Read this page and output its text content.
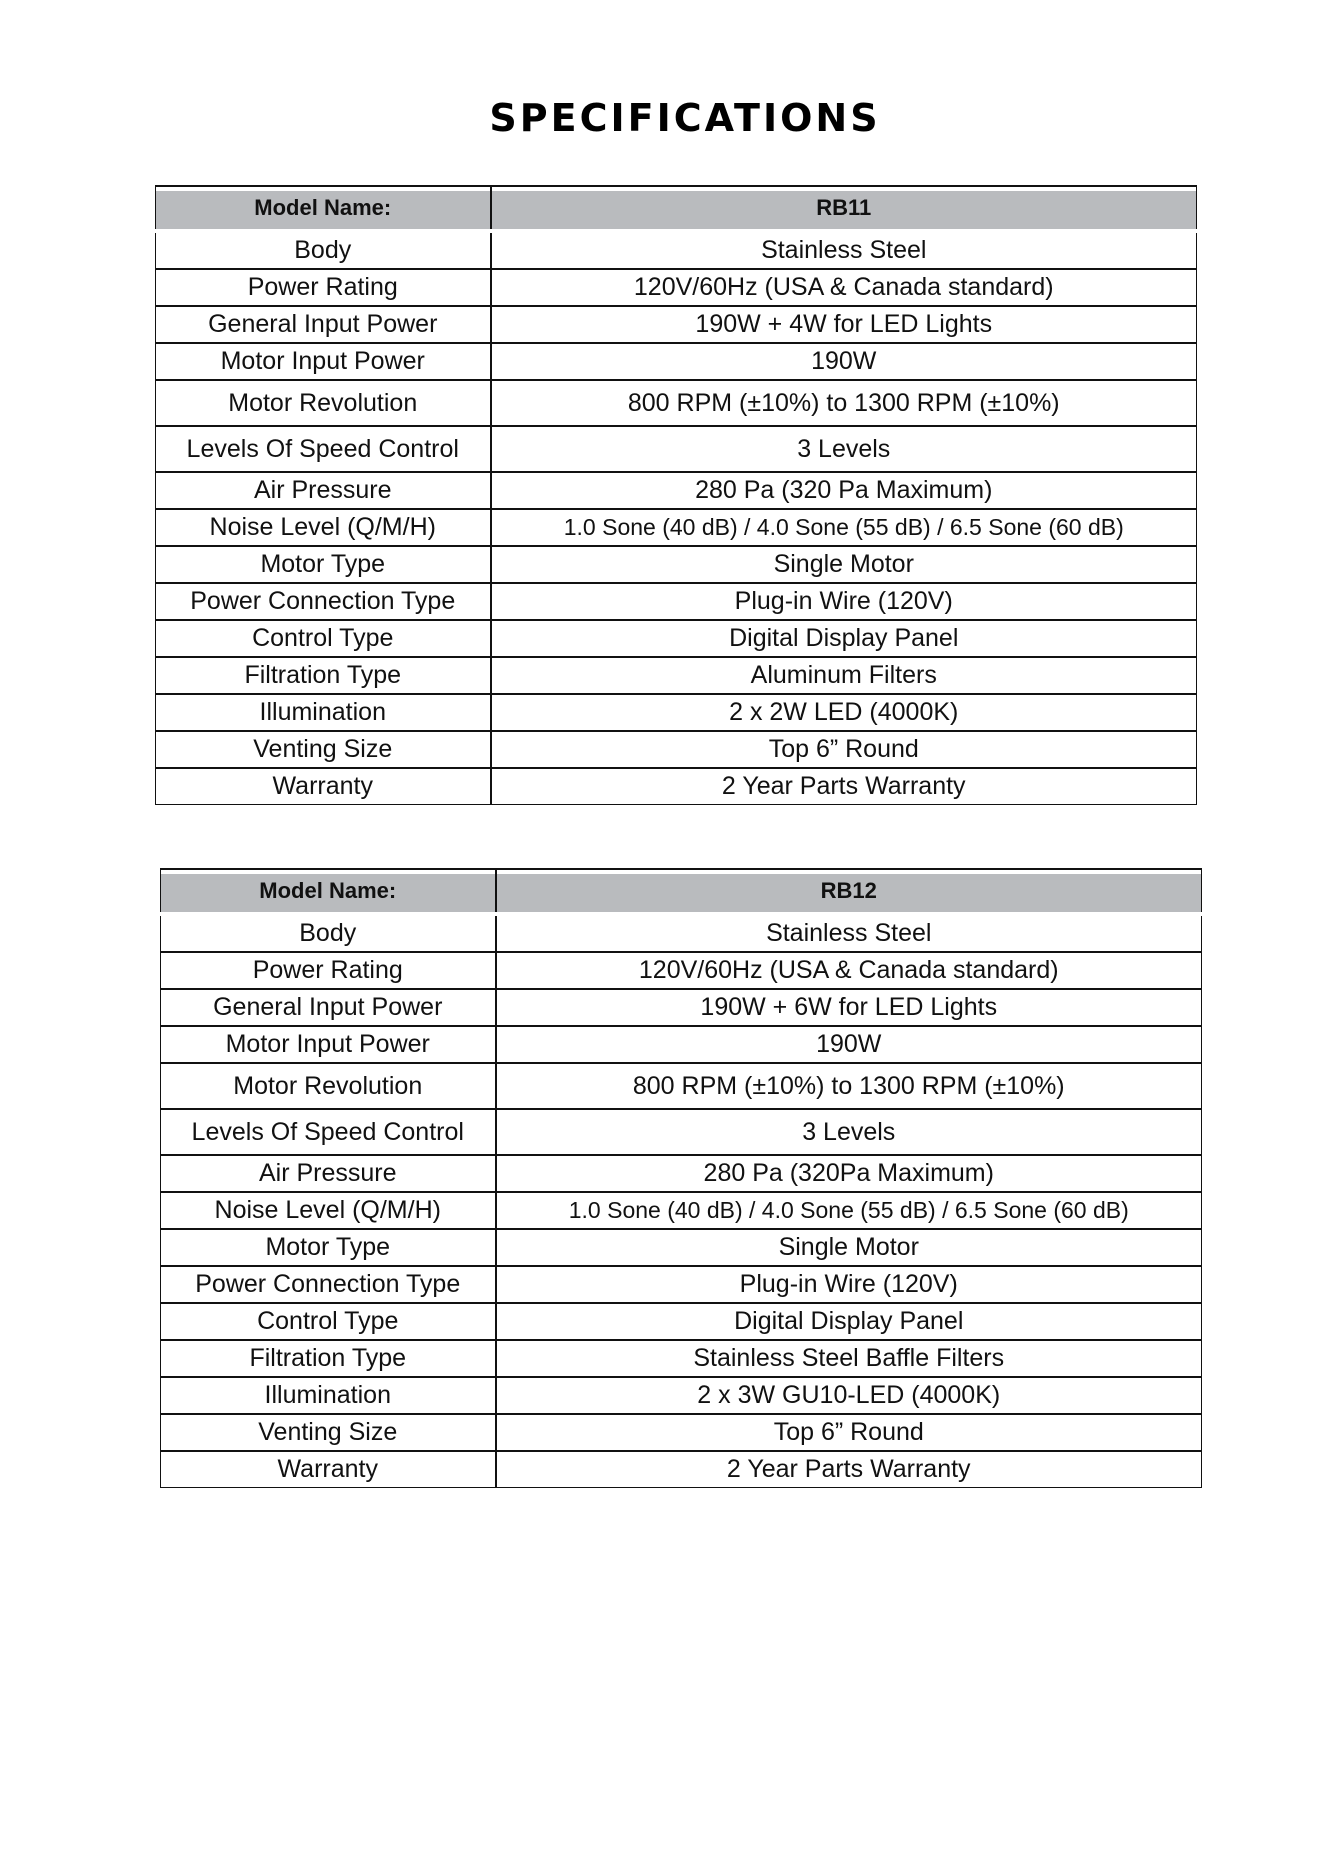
SPECIFICATIONS
Model Name:	RB11
Body	Stainless Steel
Power Rating	120V/60Hz (USA & Canada standard)
General Input Power	190W + 4W for LED Lights
Motor Input Power	190W
Motor Revolution	800 RPM (±10%) to 1300 RPM (±10%)
Levels Of Speed Control	3 Levels
Air Pressure	280 Pa (320 Pa Maximum)
Noise Level (Q/M/H)	1.0 Sone (40 dB) / 4.0 Sone (55 dB) / 6.5 Sone (60 dB)
Motor Type	Single Motor
Power Connection Type	Plug-in Wire (120V)
Control Type	Digital Display Panel
Filtration Type	Aluminum Filters
Illumination	2 x 2W LED (4000K)
Venting Size	Top 6” Round
Warranty	2 Year Parts Warranty
Model Name:	RB12
Body	Stainless Steel
Power Rating	120V/60Hz (USA & Canada standard)
General Input Power	190W + 6W for LED Lights
Motor Input Power	190W
Motor Revolution	800 RPM (±10%) to 1300 RPM (±10%)
Levels Of Speed Control	3 Levels
Air Pressure	280 Pa (320Pa Maximum)
Noise Level (Q/M/H)	1.0 Sone (40 dB) / 4.0 Sone (55 dB) / 6.5 Sone (60 dB)
Motor Type	Single Motor
Power Connection Type	Plug-in Wire (120V)
Control Type	Digital Display Panel
Filtration Type	Stainless Steel Baffle Filters
Illumination	2 x 3W GU10-LED (4000K)
Venting Size	Top 6” Round
Warranty	2 Year Parts Warranty
